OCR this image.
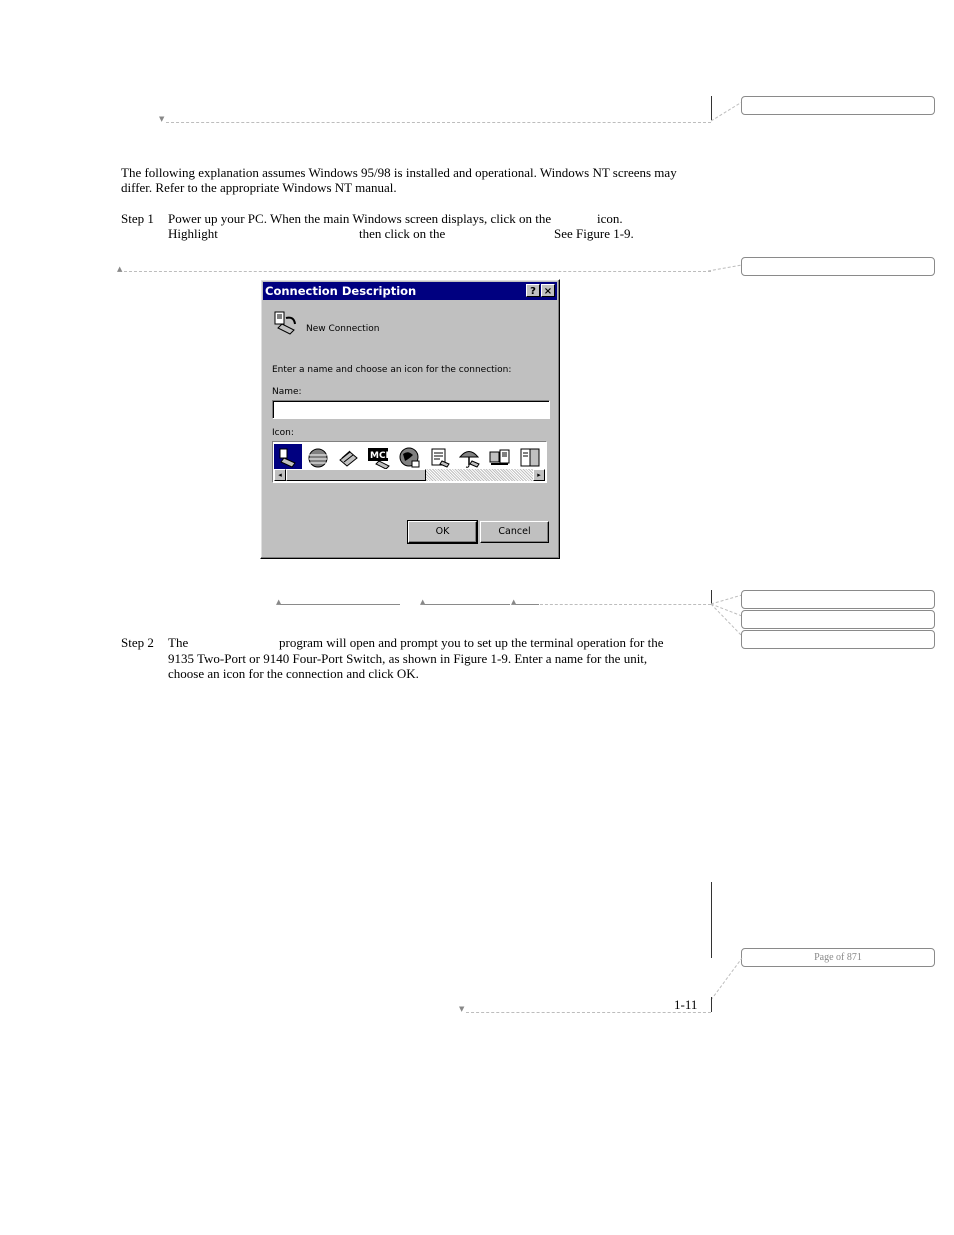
▼
The following explanation assumes Windows 95/98 is installed and operational. Windows NT screens may
differ. Refer to the appropriate Windows NT manual.
Step 1 Power up your PC. When the main Windows screen displays, click on the	icon.
Highlight	then click on the	See Figure 1-9.
▲
Connection Description	? ×
New Connection
Enter a name and choose an icon for the connection:
Name:
Icon:
MCI
◂	▸
OK	Cancel
▲	▲	▲
Step 2 The	program will open and prompt you to set up the terminal operation for the
9135 Two-Port or 9140 Four-Port Switch, as shown in Figure 1-9. Enter a name for the unit,
choose an icon for the connection and click OK.
Page of 871
1-11
▼
